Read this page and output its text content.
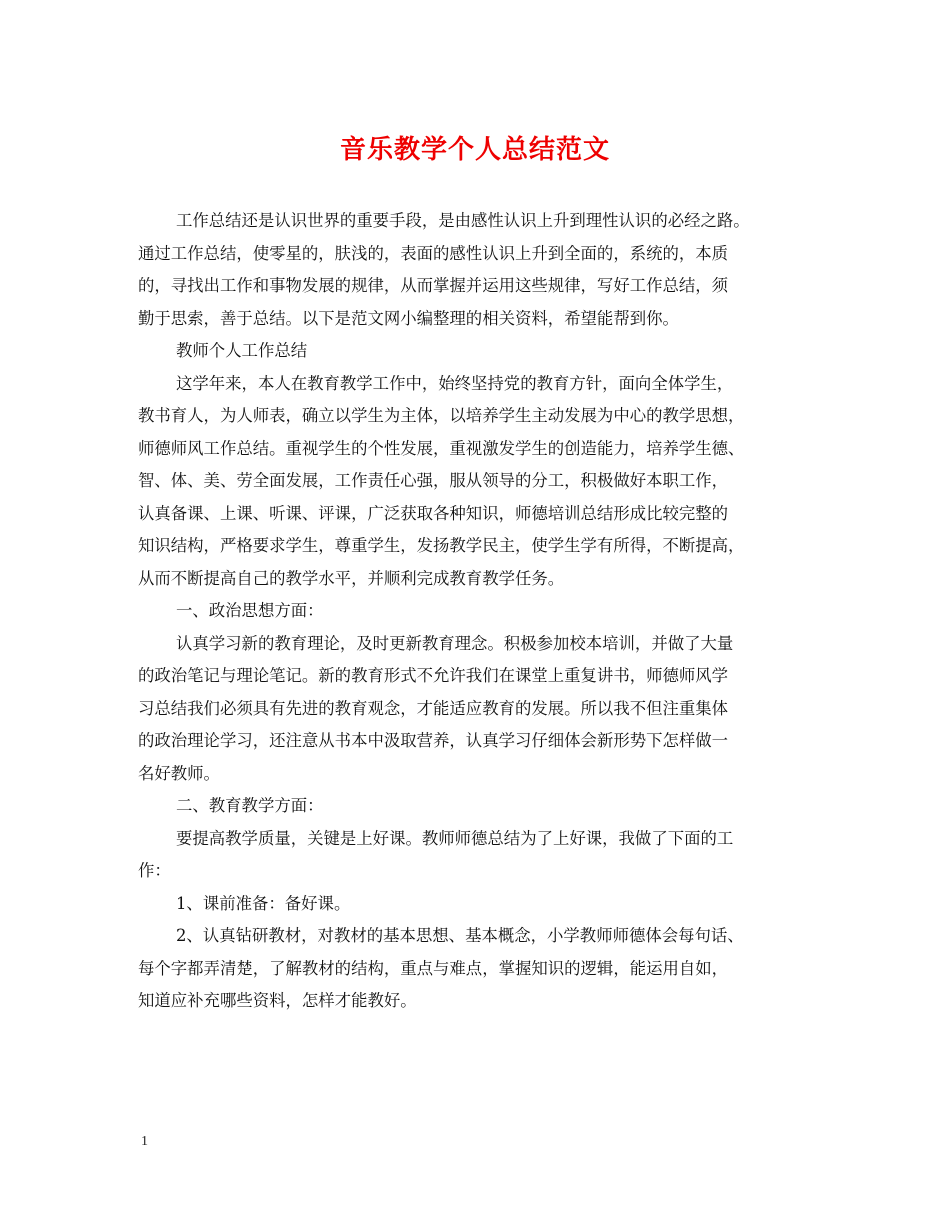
音乐教学个人总结范文
工作总结还是认识世界的重要手段，是由感性认识上升到理性认识的必经之路。
通过工作总结，使零星的，肤浅的，表面的感性认识上升到全面的，系统的，本质
的，寻找出工作和事物发展的规律，从而掌握并运用这些规律，写好工作总结，须
勤于思索，善于总结。以下是范文网小编整理的相关资料，希望能帮到你。
教师个人工作总结
这学年来，本人在教育教学工作中，始终坚持党的教育方针，面向全体学生，
教书育人，为人师表，确立以学生为主体，以培养学生主动发展为中心的教学思想，
师德师风工作总结。重视学生的个性发展，重视激发学生的创造能力，培养学生德、
智、体、美、劳全面发展，工作责任心强，服从领导的分工，积极做好本职工作，
认真备课、上课、听课、评课，广泛获取各种知识，师德培训总结形成比较完整的
知识结构，严格要求学生，尊重学生，发扬教学民主，使学生学有所得，不断提高，
从而不断提高自己的教学水平，并顺利完成教育教学任务。
一、政治思想方面：
认真学习新的教育理论，及时更新教育理念。积极参加校本培训，并做了大量
的政治笔记与理论笔记。新的教育形式不允许我们在课堂上重复讲书，师德师风学
习总结我们必须具有先进的教育观念，才能适应教育的发展。所以我不但注重集体
的政治理论学习，还注意从书本中汲取营养，认真学习仔细体会新形势下怎样做一
名好教师。
二、教育教学方面：
要提高教学质量，关键是上好课。教师师德总结为了上好课，我做了下面的工
作：
1、课前准备：备好课。
2、认真钻研教材，对教材的基本思想、基本概念，小学教师师德体会每句话、
每个字都弄清楚，了解教材的结构，重点与难点，掌握知识的逻辑，能运用自如，
知道应补充哪些资料，怎样才能教好。
1
